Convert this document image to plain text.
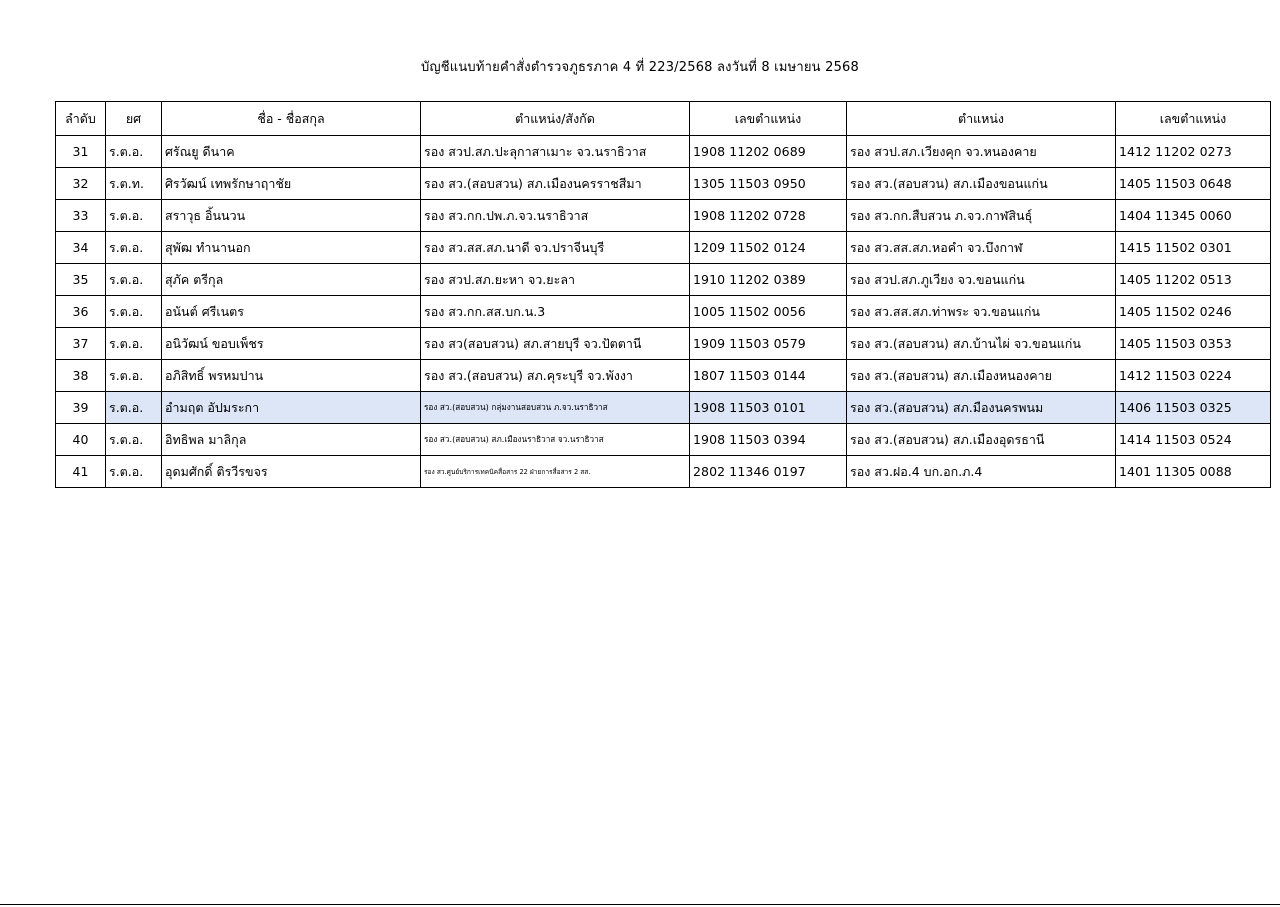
บัญชีแนบท้ายคำสั่งตำรวจภูธรภาค 4 ที่ 223/2568 ลงวันที่ 8 เมษายน 2568
ลำดับ	ยศ	ชื่อ - ชื่อสกุล	ตำแหน่ง/สังกัด	เลขตำแหน่ง	ตำแหน่ง	เลขตำแหน่ง
31	ร.ต.อ.	ศรัณยู ดีนาค	รอง สวป.สภ.ปะลุกาสาเมาะ จว.นราธิวาส	1908 11202 0689	รอง สวป.สภ.เวียงคุก จว.หนองคาย	1412 11202 0273
32	ร.ต.ท.	ศิรวัฒน์ เทพรักษาฤาชัย	รอง สว.(สอบสวน) สภ.เมืองนครราชสีมา	1305 11503 0950	รอง สว.(สอบสวน) สภ.เมืองขอนแก่น	1405 11503 0648
33	ร.ต.อ.	สราวุธ อิ้นนวน	รอง สว.กก.ปพ.ภ.จว.นราธิวาส	1908 11202 0728	รอง สว.กก.สืบสวน ภ.จว.กาฬสินธุ์	1404 11345 0060
34	ร.ต.อ.	สุพัฒ ทำนานอก	รอง สว.สส.สภ.นาดี จว.ปราจีนบุรี	1209 11502 0124	รอง สว.สส.สภ.หอคำ จว.บึงกาฬ	1415 11502 0301
35	ร.ต.อ.	สุภัค ตรีกุล	รอง สวป.สภ.ยะหา จว.ยะลา	1910 11202 0389	รอง สวป.สภ.ภูเวียง จว.ขอนแก่น	1405 11202 0513
36	ร.ต.อ.	อนันต์ ศรีเนตร	รอง สว.กก.สส.บก.น.3	1005 11502 0056	รอง สว.สส.สภ.ท่าพระ จว.ขอนแก่น	1405 11502 0246
37	ร.ต.อ.	อนิวัฒน์ ขอบเพ็ชร	รอง สว(สอบสวน) สภ.สายบุรี จว.ปัตตานี	1909 11503 0579	รอง สว.(สอบสวน) สภ.บ้านไผ่ จว.ขอนแก่น	1405 11503 0353
38	ร.ต.อ.	อภิสิทธิ์ พรหมปาน	รอง สว.(สอบสวน) สภ.คุระบุรี จว.พังงา	1807 11503 0144	รอง สว.(สอบสวน) สภ.เมืองหนองคาย	1412 11503 0224
39	ร.ต.อ.	อำมฤต อัปมระกา	รอง สว.(สอบสวน) กลุ่มงานสอบสวน ภ.จว.นราธิวาส	1908 11503 0101	รอง สว.(สอบสวน) สภ.มืองนครพนม	1406 11503 0325
40	ร.ต.อ.	อิทธิพล มาลิกุล	รอง สว.(สอบสวน) สภ.เมืองนราธิวาส จว.นราธิวาส	1908 11503 0394	รอง สว.(สอบสวน) สภ.เมืองอุดรธานี	1414 11503 0524
41	ร.ต.อ.	อุดมศักดิ์ ติรวีรขจร	รอง สว.ศูนย์บริการเทคนิคสื่อสาร 22 ฝ่ายการสื่อสาร 2 สส.	2802 11346 0197	รอง สว.ฝอ.4 บก.อก.ภ.4	1401 11305 0088
